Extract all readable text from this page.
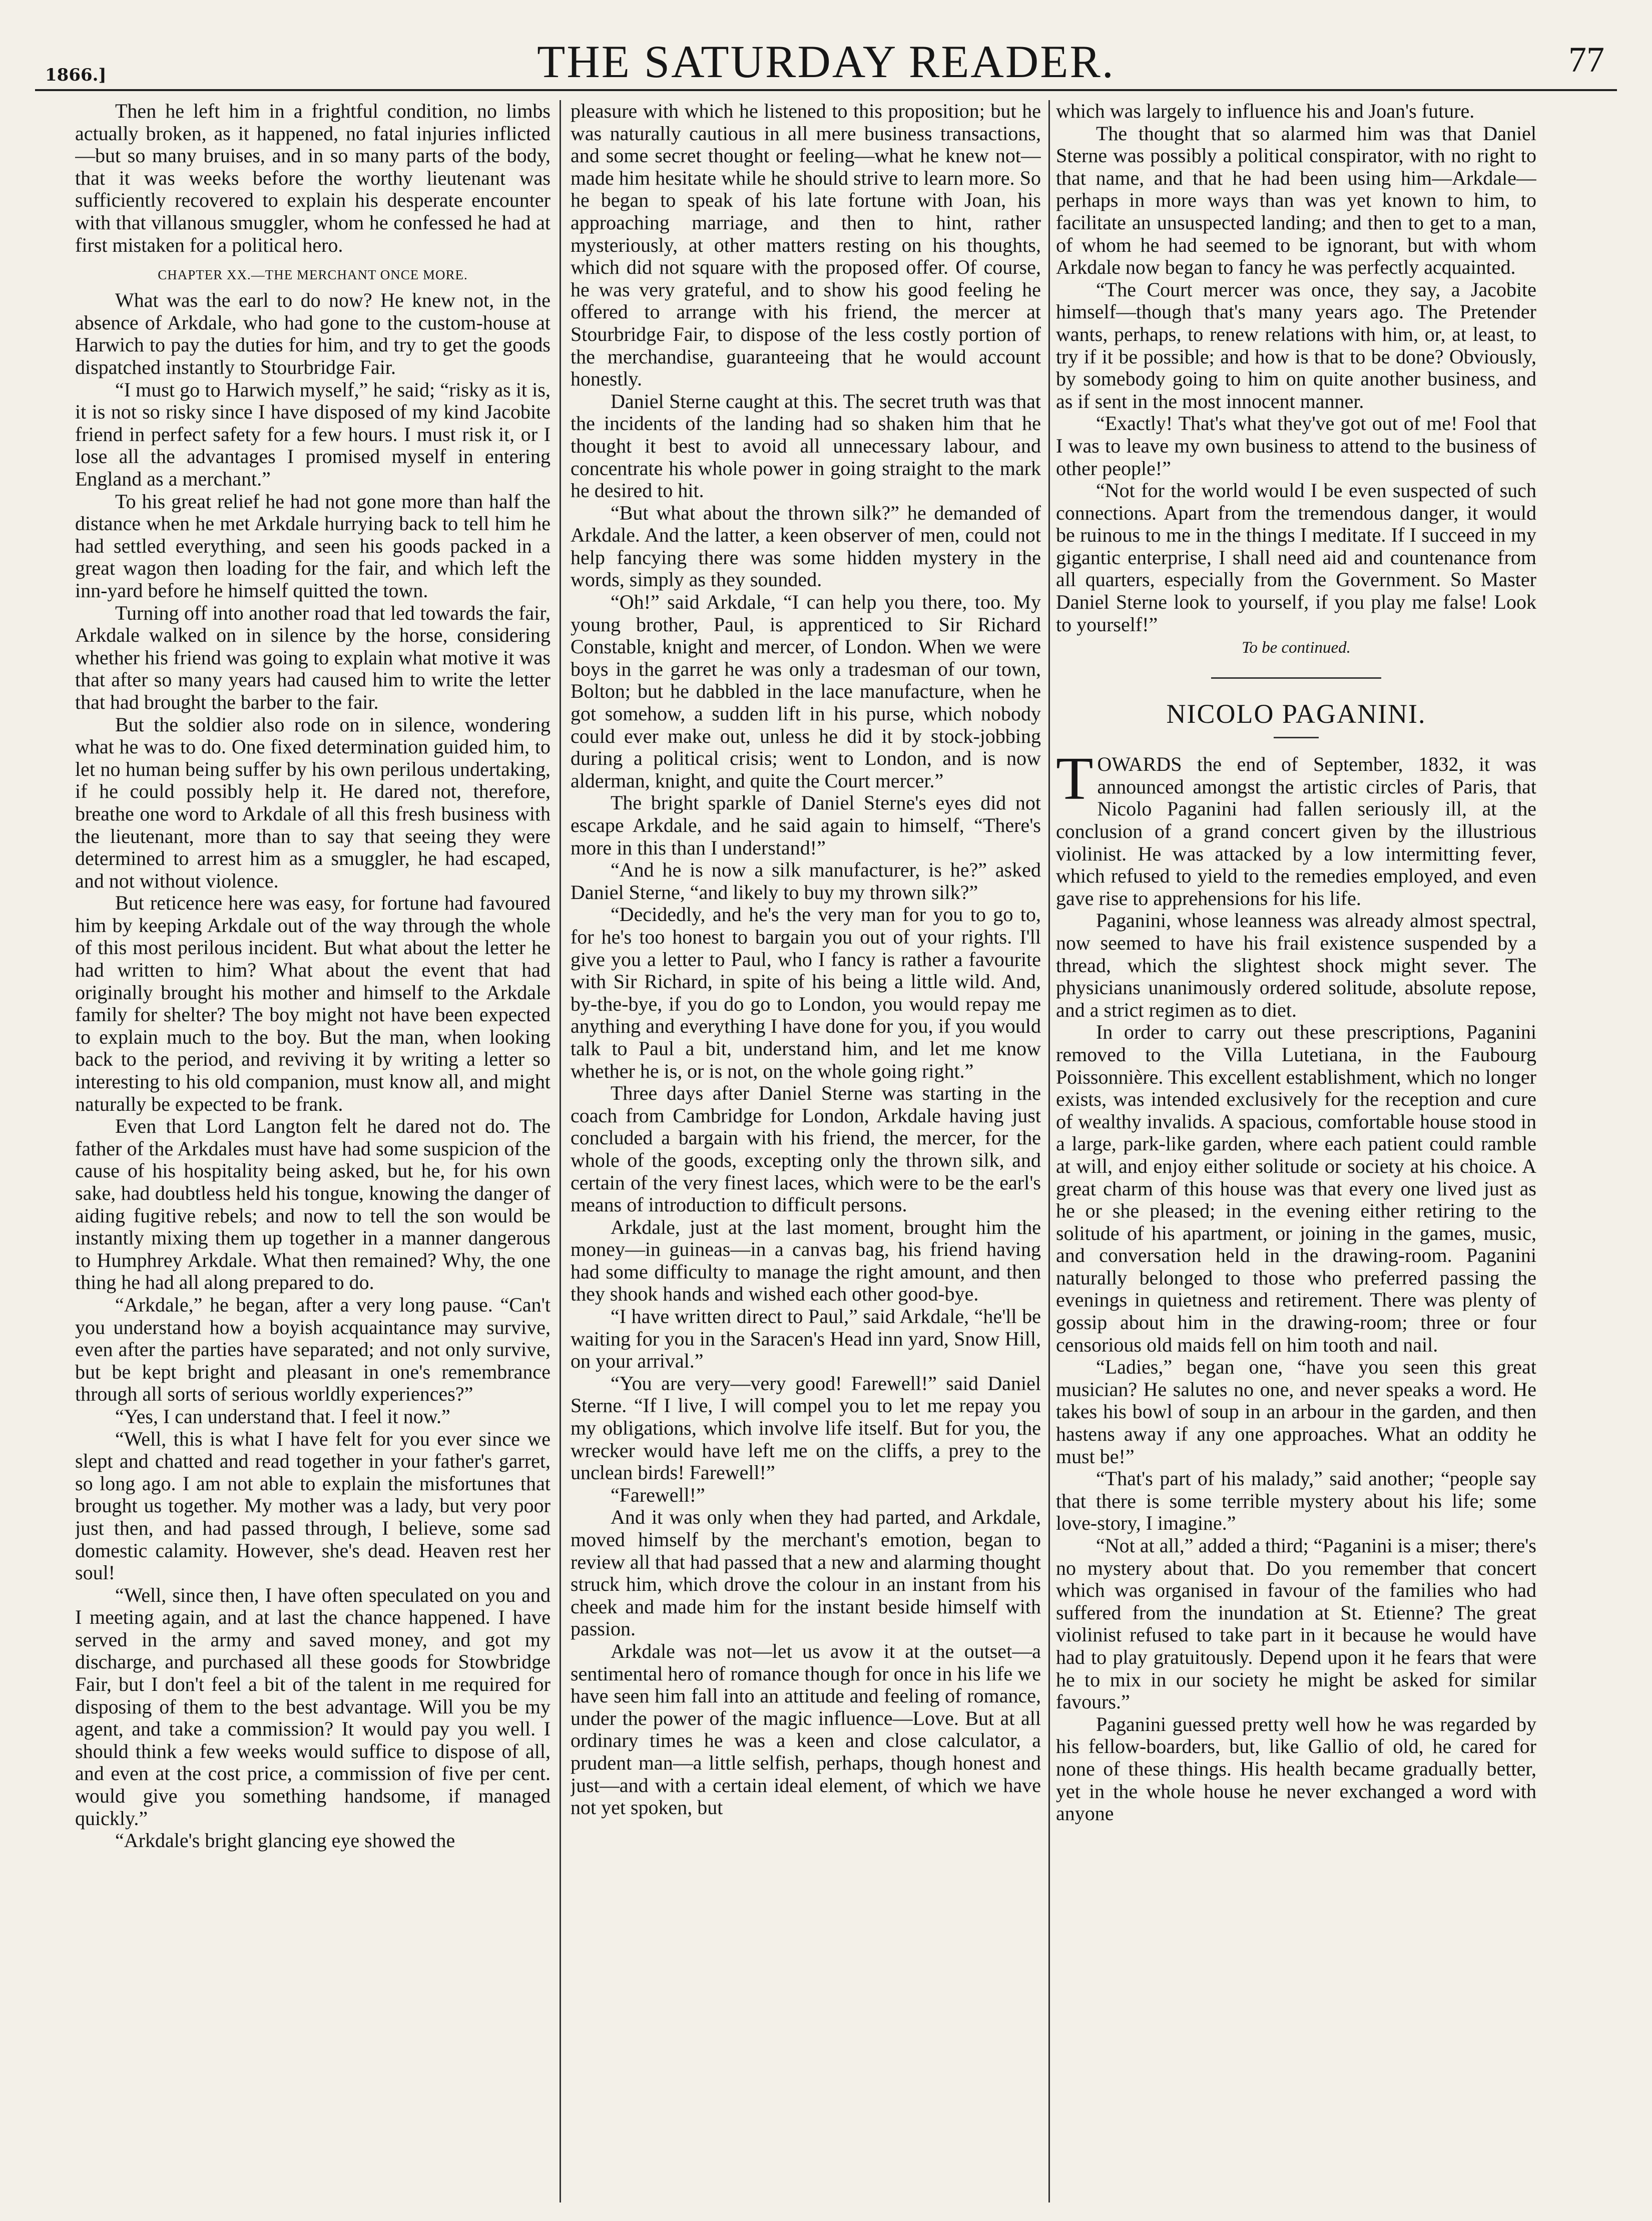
1866.]	THE SATURDAY READER.	77

Then he left him in a frightful condition, no limbs actually broken, as it happened, no fatal injuries inflicted—but so many bruises, and in so many parts of the body, that it was weeks before the worthy lieutenant was sufficiently recovered to explain his desperate encounter with that villanous smuggler, whom he confessed he had at first mistaken for a political hero.

CHAPTER XX.—THE MERCHANT ONCE MORE.

What was the earl to do now? He knew not, in the absence of Arkdale, who had gone to the custom-house at Harwich to pay the duties for him, and try to get the goods dispatched instantly to Stourbridge Fair.

“I must go to Harwich myself,” he said; “risky as it is, it is not so risky since I have disposed of my kind Jacobite friend in perfect safety for a few hours. I must risk it, or I lose all the advantages I promised myself in entering England as a merchant.”

To his great relief he had not gone more than half the distance when he met Arkdale hurrying back to tell him he had settled everything, and seen his goods packed in a great wagon then loading for the fair, and which left the inn-yard before he himself quitted the town.

Turning off into another road that led towards the fair, Arkdale walked on in silence by the horse, considering whether his friend was going to explain what motive it was that after so many years had caused him to write the letter that had brought the barber to the fair.

But the soldier also rode on in silence, wondering what he was to do. One fixed determination guided him, to let no human being suffer by his own perilous undertaking, if he could possibly help it. He dared not, therefore, breathe one word to Arkdale of all this fresh business with the lieutenant, more than to say that seeing they were determined to arrest him as a smuggler, he had escaped, and not without violence.

But reticence here was easy, for fortune had favoured him by keeping Arkdale out of the way through the whole of this most perilous incident. But what about the letter he had written to him? What about the event that had originally brought his mother and himself to the Arkdale family for shelter? The boy might not have been expected to explain much to the boy. But the man, when looking back to the period, and reviving it by writing a letter so interesting to his old companion, must know all, and might naturally be expected to be frank.

Even that Lord Langton felt he dared not do. The father of the Arkdales must have had some suspicion of the cause of his hospitality being asked, but he, for his own sake, had doubtless held his tongue, knowing the danger of aiding fugitive rebels; and now to tell the son would be instantly mixing them up together in a manner dangerous to Humphrey Arkdale. What then remained? Why, the one thing he had all along prepared to do.

“Arkdale,” he began, after a very long pause. “Can't you understand how a boyish acquaintance may survive, even after the parties have separated; and not only survive, but be kept bright and pleasant in one's remembrance through all sorts of serious worldly experiences?”

“Yes, I can understand that. I feel it now.”

“Well, this is what I have felt for you ever since we slept and chatted and read together in your father's garret, so long ago. I am not able to explain the misfortunes that brought us together. My mother was a lady, but very poor just then, and had passed through, I believe, some sad domestic calamity. However, she's dead. Heaven rest her soul!

“Well, since then, I have often speculated on you and I meeting again, and at last the chance happened. I have served in the army and saved money, and got my discharge, and purchased all these goods for Stowbridge Fair, but I don't feel a bit of the talent in me required for disposing of them to the best advantage. Will you be my agent, and take a commission? It would pay you well. I should think a few weeks would suffice to dispose of all, and even at the cost price, a commission of five per cent. would give you something handsome, if managed quickly.”

“Arkdale's bright glancing eye showed the

pleasure with which he listened to this proposition; but he was naturally cautious in all mere business transactions, and some secret thought or feeling—what he knew not—made him hesitate while he should strive to learn more. So he began to speak of his late fortune with Joan, his approaching marriage, and then to hint, rather mysteriously, at other matters resting on his thoughts, which did not square with the proposed offer. Of course, he was very grateful, and to show his good feeling he offered to arrange with his friend, the mercer at Stourbridge Fair, to dispose of the less costly portion of the merchandise, guaranteeing that he would account honestly.

Daniel Sterne caught at this. The secret truth was that the incidents of the landing had so shaken him that he thought it best to avoid all unnecessary labour, and concentrate his whole power in going straight to the mark he desired to hit.

“But what about the thrown silk?” he demanded of Arkdale. And the latter, a keen observer of men, could not help fancying there was some hidden mystery in the words, simply as they sounded.

“Oh!” said Arkdale, “I can help you there, too. My young brother, Paul, is apprenticed to Sir Richard Constable, knight and mercer, of London. When we were boys in the garret he was only a tradesman of our town, Bolton; but he dabbled in the lace manufacture, when he got somehow, a sudden lift in his purse, which nobody could ever make out, unless he did it by stock-jobbing during a political crisis; went to London, and is now alderman, knight, and quite the Court mercer.”

The bright sparkle of Daniel Sterne's eyes did not escape Arkdale, and he said again to himself, “There's more in this than I understand!”

“And he is now a silk manufacturer, is he?” asked Daniel Sterne, “and likely to buy my thrown silk?”

“Decidedly, and he's the very man for you to go to, for he's too honest to bargain you out of your rights. I'll give you a letter to Paul, who I fancy is rather a favourite with Sir Richard, in spite of his being a little wild. And, by-the-bye, if you do go to London, you would repay me anything and everything I have done for you, if you would talk to Paul a bit, understand him, and let me know whether he is, or is not, on the whole going right.”

Three days after Daniel Sterne was starting in the coach from Cambridge for London, Arkdale having just concluded a bargain with his friend, the mercer, for the whole of the goods, excepting only the thrown silk, and certain of the very finest laces, which were to be the earl's means of introduction to difficult persons.

Arkdale, just at the last moment, brought him the money—in guineas—in a canvas bag, his friend having had some difficulty to manage the right amount, and then they shook hands and wished each other good-bye.

“I have written direct to Paul,” said Arkdale, “he'll be waiting for you in the Saracen's Head inn yard, Snow Hill, on your arrival.”

“You are very—very good! Farewell!” said Daniel Sterne. “If I live, I will compel you to let me repay you my obligations, which involve life itself. But for you, the wrecker would have left me on the cliffs, a prey to the unclean birds! Farewell!”

“Farewell!”

And it was only when they had parted, and Arkdale, moved himself by the merchant's emotion, began to review all that had passed that a new and alarming thought struck him, which drove the colour in an instant from his cheek and made him for the instant beside himself with passion.

Arkdale was not—let us avow it at the outset—a sentimental hero of romance though for once in his life we have seen him fall into an attitude and feeling of romance, under the power of the magic influence—Love. But at all ordinary times he was a keen and close calculator, a prudent man—a little selfish, perhaps, though honest and just—and with a certain ideal element, of which we have not yet spoken, but

which was largely to influence his and Joan's future.

The thought that so alarmed him was that Daniel Sterne was possibly a political conspirator, with no right to that name, and that he had been using him—Arkdale—perhaps in more ways than was yet known to him, to facilitate an unsuspected landing; and then to get to a man, of whom he had seemed to be ignorant, but with whom Arkdale now began to fancy he was perfectly acquainted.

“The Court mercer was once, they say, a Jacobite himself—though that's many years ago. The Pretender wants, perhaps, to renew relations with him, or, at least, to try if it be possible; and how is that to be done? Obviously, by somebody going to him on quite another business, and as if sent in the most innocent manner.

“Exactly! That's what they've got out of me! Fool that I was to leave my own business to attend to the business of other people!”

“Not for the world would I be even suspected of such connections. Apart from the tremendous danger, it would be ruinous to me in the things I meditate. If I succeed in my gigantic enterprise, I shall need aid and countenance from all quarters, especially from the Government. So Master Daniel Sterne look to yourself, if you play me false! Look to yourself!”

To be continued.

NICOLO PAGANINI.

TOWARDS the end of September, 1832, it was announced amongst the artistic circles of Paris, that Nicolo Paganini had fallen seriously ill, at the conclusion of a grand concert given by the illustrious violinist. He was attacked by a low intermitting fever, which refused to yield to the remedies employed, and even gave rise to apprehensions for his life.

Paganini, whose leanness was already almost spectral, now seemed to have his frail existence suspended by a thread, which the slightest shock might sever. The physicians unanimously ordered solitude, absolute repose, and a strict regimen as to diet.

In order to carry out these prescriptions, Paganini removed to the Villa Lutetiana, in the Faubourg Poissonnière. This excellent establishment, which no longer exists, was intended exclusively for the reception and cure of wealthy invalids. A spacious, comfortable house stood in a large, park-like garden, where each patient could ramble at will, and enjoy either solitude or society at his choice. A great charm of this house was that every one lived just as he or she pleased; in the evening either retiring to the solitude of his apartment, or joining in the games, music, and conversation held in the drawing-room. Paganini naturally belonged to those who preferred passing the evenings in quietness and retirement. There was plenty of gossip about him in the drawing-room; three or four censorious old maids fell on him tooth and nail.

“Ladies,” began one, “have you seen this great musician? He salutes no one, and never speaks a word. He takes his bowl of soup in an arbour in the garden, and then hastens away if any one approaches. What an oddity he must be!”

“That's part of his malady,” said another; “people say that there is some terrible mystery about his life; some love-story, I imagine.”

“Not at all,” added a third; “Paganini is a miser; there's no mystery about that. Do you remember that concert which was organised in favour of the families who had suffered from the inundation at St. Etienne? The great violinist refused to take part in it because he would have had to play gratuitously. Depend upon it he fears that were he to mix in our society he might be asked for similar favours.”

Paganini guessed pretty well how he was regarded by his fellow-boarders, but, like Gallio of old, he cared for none of these things. His health became gradually better, yet in the whole house he never exchanged a word with anyone
